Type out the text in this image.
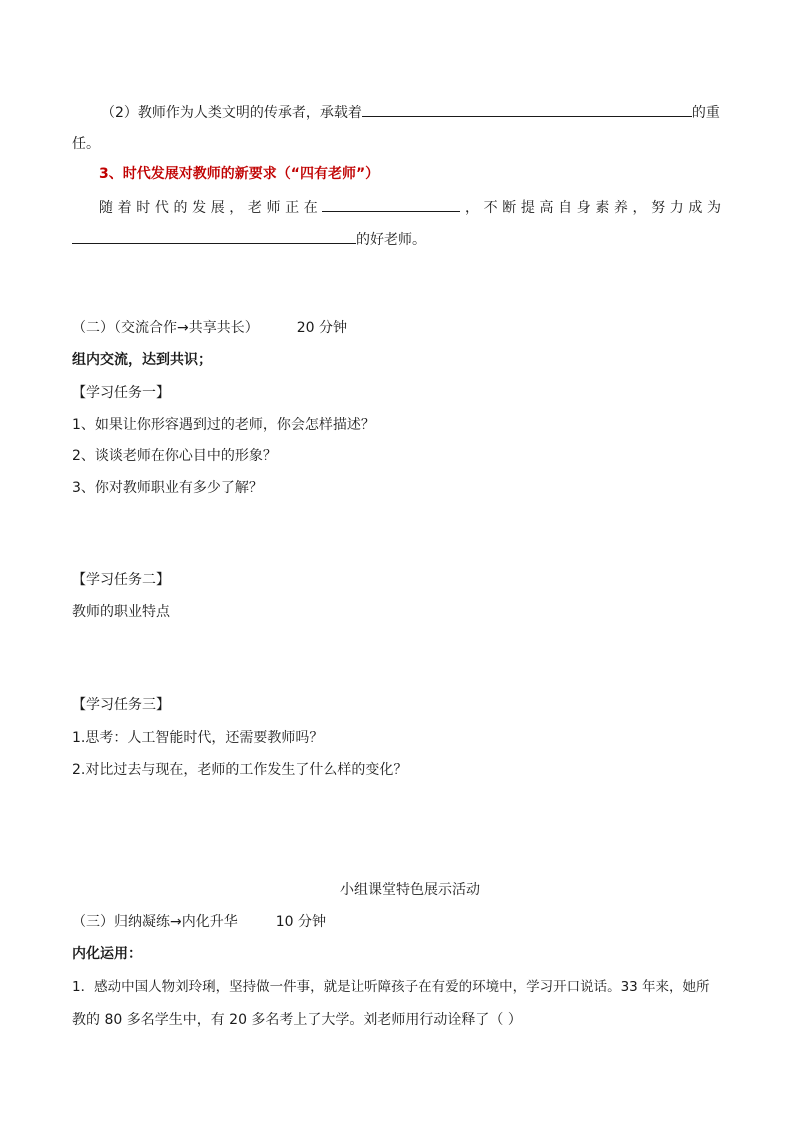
（2）教师作为人类文明的传承者，承载着	的重
任。
3、时代发展对教师的新要求（“四有老师”）
随着时代的发展，老师正在	，不断提高自身素养，努力成为
的好老师。
（二）（交流合作→共享共长）	20 分钟
组内交流，达到共识；
【学习任务一】
1、如果让你形容遇到过的老师，你会怎样描述？
2、谈谈老师在你心目中的形象？
3、你对教师职业有多少了解？
【学习任务二】
教师的职业特点
【学习任务三】
1.思考：人工智能时代，还需要教师吗？
2.对比过去与现在，老师的工作发生了什么样的变化？
小组课堂特色展示活动
（三）归纳凝练→内化升华	10 分钟
内化运用：
1．感动中国人物刘玲琍，坚持做一件事，就是让听障孩子在有爱的环境中，学习开口说话。33 年来，她所
教的 80 多名学生中，有 20 多名考上了大学。刘老师用行动诠释了（ ）
